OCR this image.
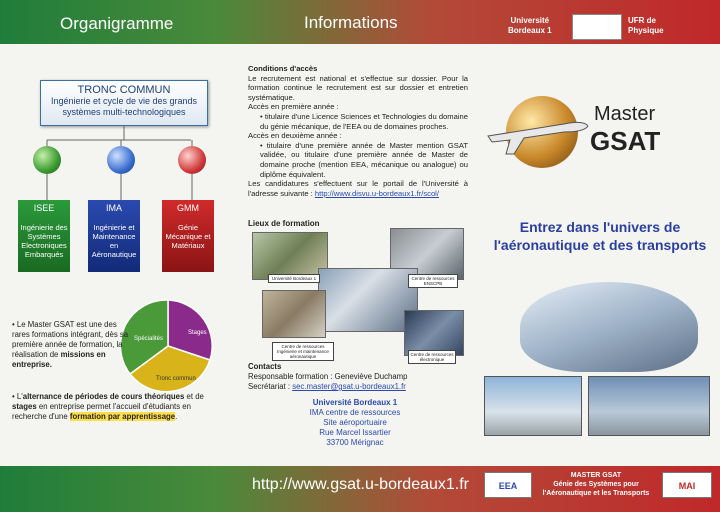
Organigramme	Informations	Université
Bordeaux 1
UFR de
Physique
TRONC COMMUN
Ingénierie et cycle de vie des grands systèmes multi-technologiques
ISEE
Ingénierie des Systèmes Electroniques Embarqués
IMA
Ingénierie et Maintenance en Aéronautique
GMM
Génie Mécanique et Matériaux
Stages
Spécialités
Tronc commun
• Le Master GSAT est une des rares formations intégrant, dès sa première année de formation, la réalisation de missions en entreprise.
• L'alternance de périodes de cours théoriques et de stages en entreprise permet l'accueil d'étudiants en recherche d'une formation par apprentissage.
Conditions d'accès
Le recrutement est national et s'effectue sur dossier. Pour la formation continue le recrutement est sur dossier et entretien systématique.
Accès en première année :
• titulaire d'une Licence Sciences et Technologies du domaine du génie mécanique, de l'EEA ou de domaines proches.
Accès en deuxième année :
• titulaire d'une première année de Master mention GSAT validée, ou titulaire d'une première année de Master de domaine proche (mention EEA, mécanique ou analogue) ou diplôme équivalent.
Les candidatures s'effectuent sur le portail de l'Université à l'adresse suivante : http://www.disvu.u-bordeaux1.fr/scol/
Lieux de formation
Université Bordeaux 1	Centre de ressources ENSCPB
Centre de ressources Ingénierie et maintenance aéronautique	Centre de ressources électronique
Contacts
Responsable formation : Geneviève Duchamp
Secrétariat : sec.master@gsat.u-bordeaux1.fr
Université Bordeaux 1
IMA centre de ressources
Site aéroportuaire
Rue Marcel Issartier
33700 Mérignac
Master
GSAT
Entrez dans l'univers de l'aéronautique et des transports
http://www.gsat.u-bordeaux1.fr	EEA
MASTER GSAT
Génie des Systèmes pour l'Aéronautique et les Transports
MAI
